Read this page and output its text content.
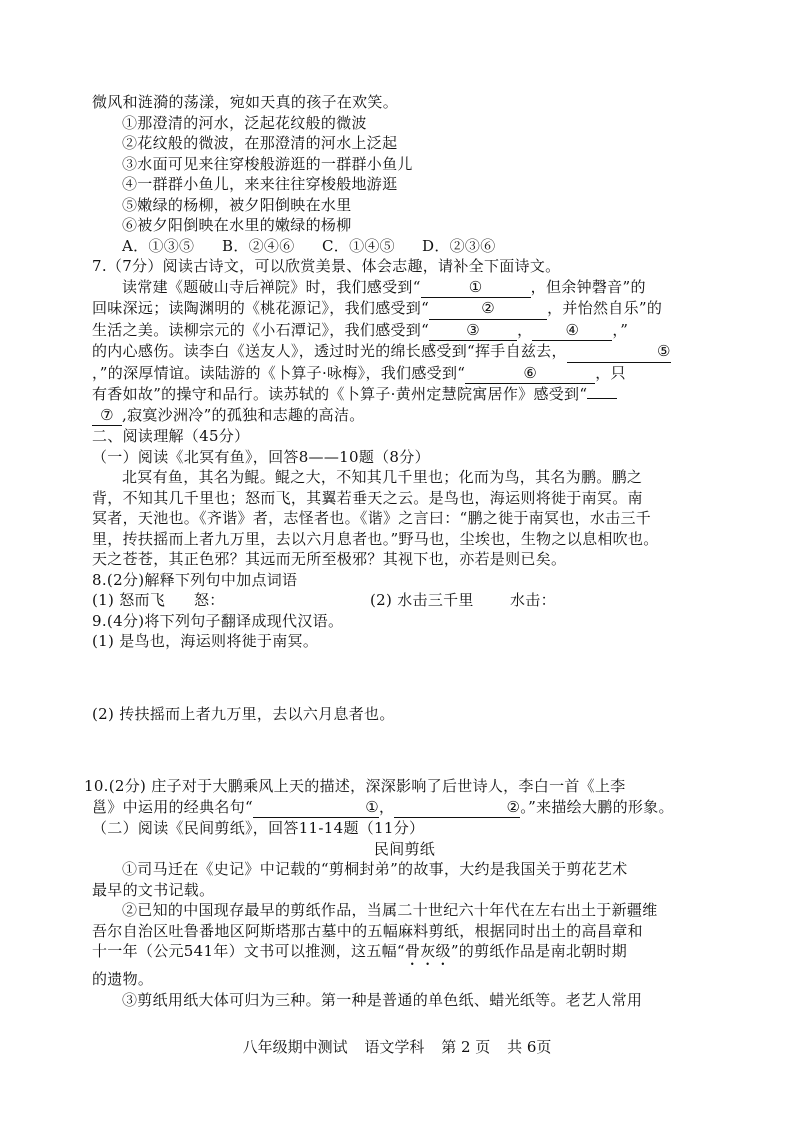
微风和涟漪的荡漾，宛如天真的孩子在欢笑。
①那澄清的河水，泛起花纹般的微波
②花纹般的微波，在那澄清的河水上泛起
③水面可见来往穿梭般游逛的一群群小鱼儿
④一群群小鱼儿，来来往往穿梭般地游逛
⑤嫩绿的杨柳，被夕阳倒映在水里
⑥被夕阳倒映在水里的嫩绿的杨柳
A．①③⑤ B．②④⑥ C．①④⑤ D．②③⑥
7.（7分）阅读古诗文，可以欣赏美景、体会志趣，请补全下面诗文。
读常建《题破山寺后禅院》时，我们感受到“	①	，但余钟磬音”的
回味深远；读陶渊明的《桃花源记》，我们感受到“	②	，并怡然自乐”的
生活之美。读柳宗元的《小石潭记》，我们感受到“ ③ ， ④ ，”
的内心感伤。读李白《送友人》，透过时光的绵长感受到“挥手自兹去，	⑤
，”的深厚情谊。读陆游的《卜算子·咏梅》，我们感受到“	⑥	，只
有香如故”的操守和品行。读苏轼的《卜算子·黄州定慧院寓居作》感受到“
⑦ ,寂寞沙洲冷”的孤独和志趣的高洁。
二、阅读理解（45分）
（一）阅读《北冥有鱼》，回答8——10题（8分）
北冥有鱼，其名为鲲。鲲之大，不知其几千里也；化而为鸟，其名为鹏。鹏之
背，不知其几千里也；怒而飞，其翼若垂天之云。是鸟也，海运则将徙于南冥。南
冥者，天池也。《齐谐》者，志怪者也。《谐》之言曰：“鹏之徙于南冥也，水击三千
里，抟扶摇而上者九万里，去以六月息者也。”野马也，尘埃也，生物之以息相吹也。
天之苍苍，其正色邪？其远而无所至极邪？其视下也，亦若是则已矣。
8.(2分)解释下列句中加点词语
(1) 怒而飞 怒：	(2) 水击三千里 水击：
9.(4分)将下列句子翻译成现代汉语。
(1) 是鸟也，海运则将徙于南冥。
(2) 抟扶摇而上者九万里，去以六月息者也。
10.(2分) 庄子对于大鹏乘风上天的描述，深深影响了后世诗人，李白一首《上李
邕》中运用的经典名句“	①，	②。”来描绘大鹏的形象。
（二）阅读《民间剪纸》，回答11-14题（11分）
民间剪纸
①司马迁在《史记》中记载的“剪桐封弟”的故事，大约是我国关于剪花艺术
最早的文书记载。
②已知的中国现存最早的剪纸作品，当属二十世纪六十年代在左右出土于新疆维
吾尔自治区吐鲁番地区阿斯塔那古墓中的五幅麻料剪纸，根据同时出土的高昌章和
十一年（公元541年）文书可以推测，这五幅“骨灰级”的剪纸作品是南北朝时期
的遗物。
③剪纸用纸大体可归为三种。第一种是普通的单色纸、蜡光纸等。老艺人常用
八年级期中测试 语文学科 第 2 页 共 6页
